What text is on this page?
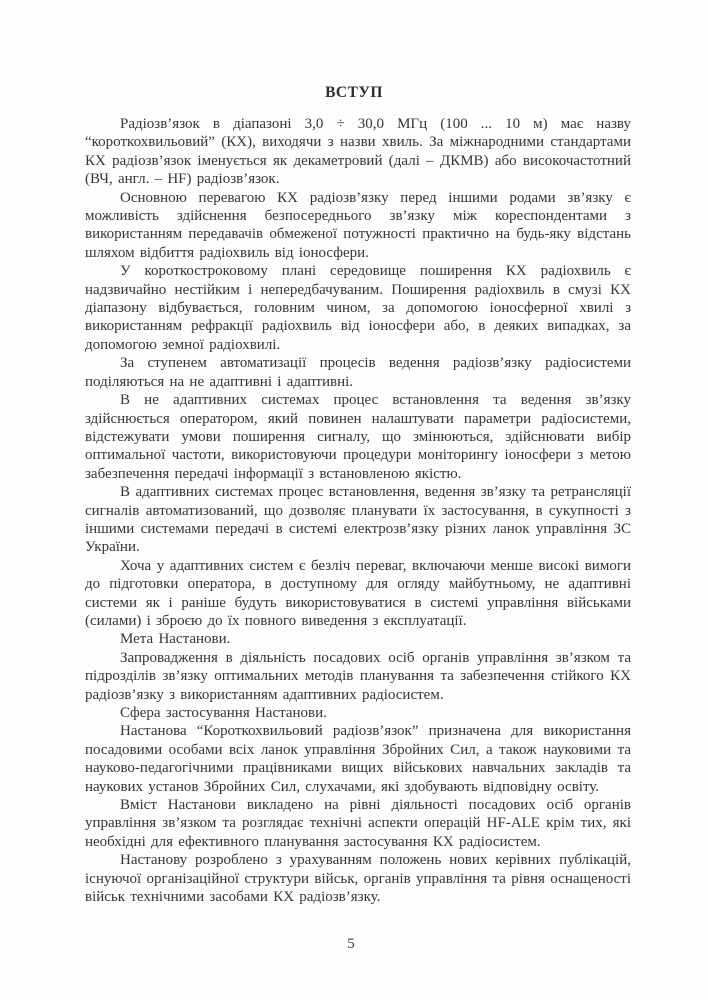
ВСТУП

Радіозв’язок в діапазоні 3,0 ÷ 30,0 МГц (100 ... 10 м) має назву “короткохвильовий” (КХ), виходячи з назви хвиль. За міжнародними стандартами КХ радіозв’язок іменується як декаметровий (далі – ДКМВ) або високочастотний (ВЧ, англ. – HF) радіозв’язок.

Основною перевагою КХ радіозв’язку перед іншими родами зв’язку є можливість здійснення безпосереднього зв’язку між кореспондентами з використанням передавачів обмеженої потужності практично на будь-яку відстань шляхом відбиття радіохвиль від іоносфери.

У короткостроковому плані середовище поширення КХ радіохвиль є надзвичайно нестійким і непередбачуваним. Поширення радіохвиль в смузі КХ діапазону відбувається, головним чином, за допомогою іоносферної хвилі з використанням рефракції радіохвиль від іоносфери або, в деяких випадках, за допомогою земної радіохвилі.

За ступенем автоматизації процесів ведення радіозв’язку радіосистеми поділяються на не адаптивні і адаптивні.

В не адаптивних системах процес встановлення та ведення зв’язку здійснюється оператором, який повинен налаштувати параметри радіосистеми, відстежувати умови поширення сигналу, що змінюються, здійснювати вибір оптимальної частоти, використовуючи процедури моніторингу іоносфери з метою забезпечення передачі інформації з встановленою якістю.

В адаптивних системах процес встановлення, ведення зв’язку та ретрансляції сигналів автоматизований, що дозволяє планувати їх застосування, в сукупності з іншими системами передачі в системі електрозв’язку різних ланок управління ЗС України.

Хоча у адаптивних систем є безліч переваг, включаючи менше високі вимоги до підготовки оператора, в доступному для огляду майбутньому, не адаптивні системи як і раніше будуть використовуватися в системі управління військами (силами) і зброєю до їх повного виведення з експлуатації.

Мета Настанови.

Запровадження в діяльність посадових осіб органів управління зв’язком та підрозділів зв’язку оптимальних методів планування та забезпечення стійкого КХ радіозв’язку з використанням адаптивних радіосистем.

Сфера застосування Настанови.

Настанова “Короткохвильовий радіозв’язок” призначена для використання посадовими особами всіх ланок управління Збройних Сил, а також науковими та науково-педагогічними працівниками вищих військових навчальних закладів та наукових установ Збройних Сил, слухачами, які здобувають відповідну освіту.

Вміст Настанови викладено на рівні діяльності посадових осіб органів управління зв’язком та розглядає технічні аспекти операцій HF-ALE крім тих, які необхідні для ефективного планування застосування КХ радіосистем.

Настанову розроблено з урахуванням положень нових керівних публікацій, існуючої організаційної структури військ, органів управління та рівня оснащеності військ технічними засобами КХ радіозв’язку.

5
